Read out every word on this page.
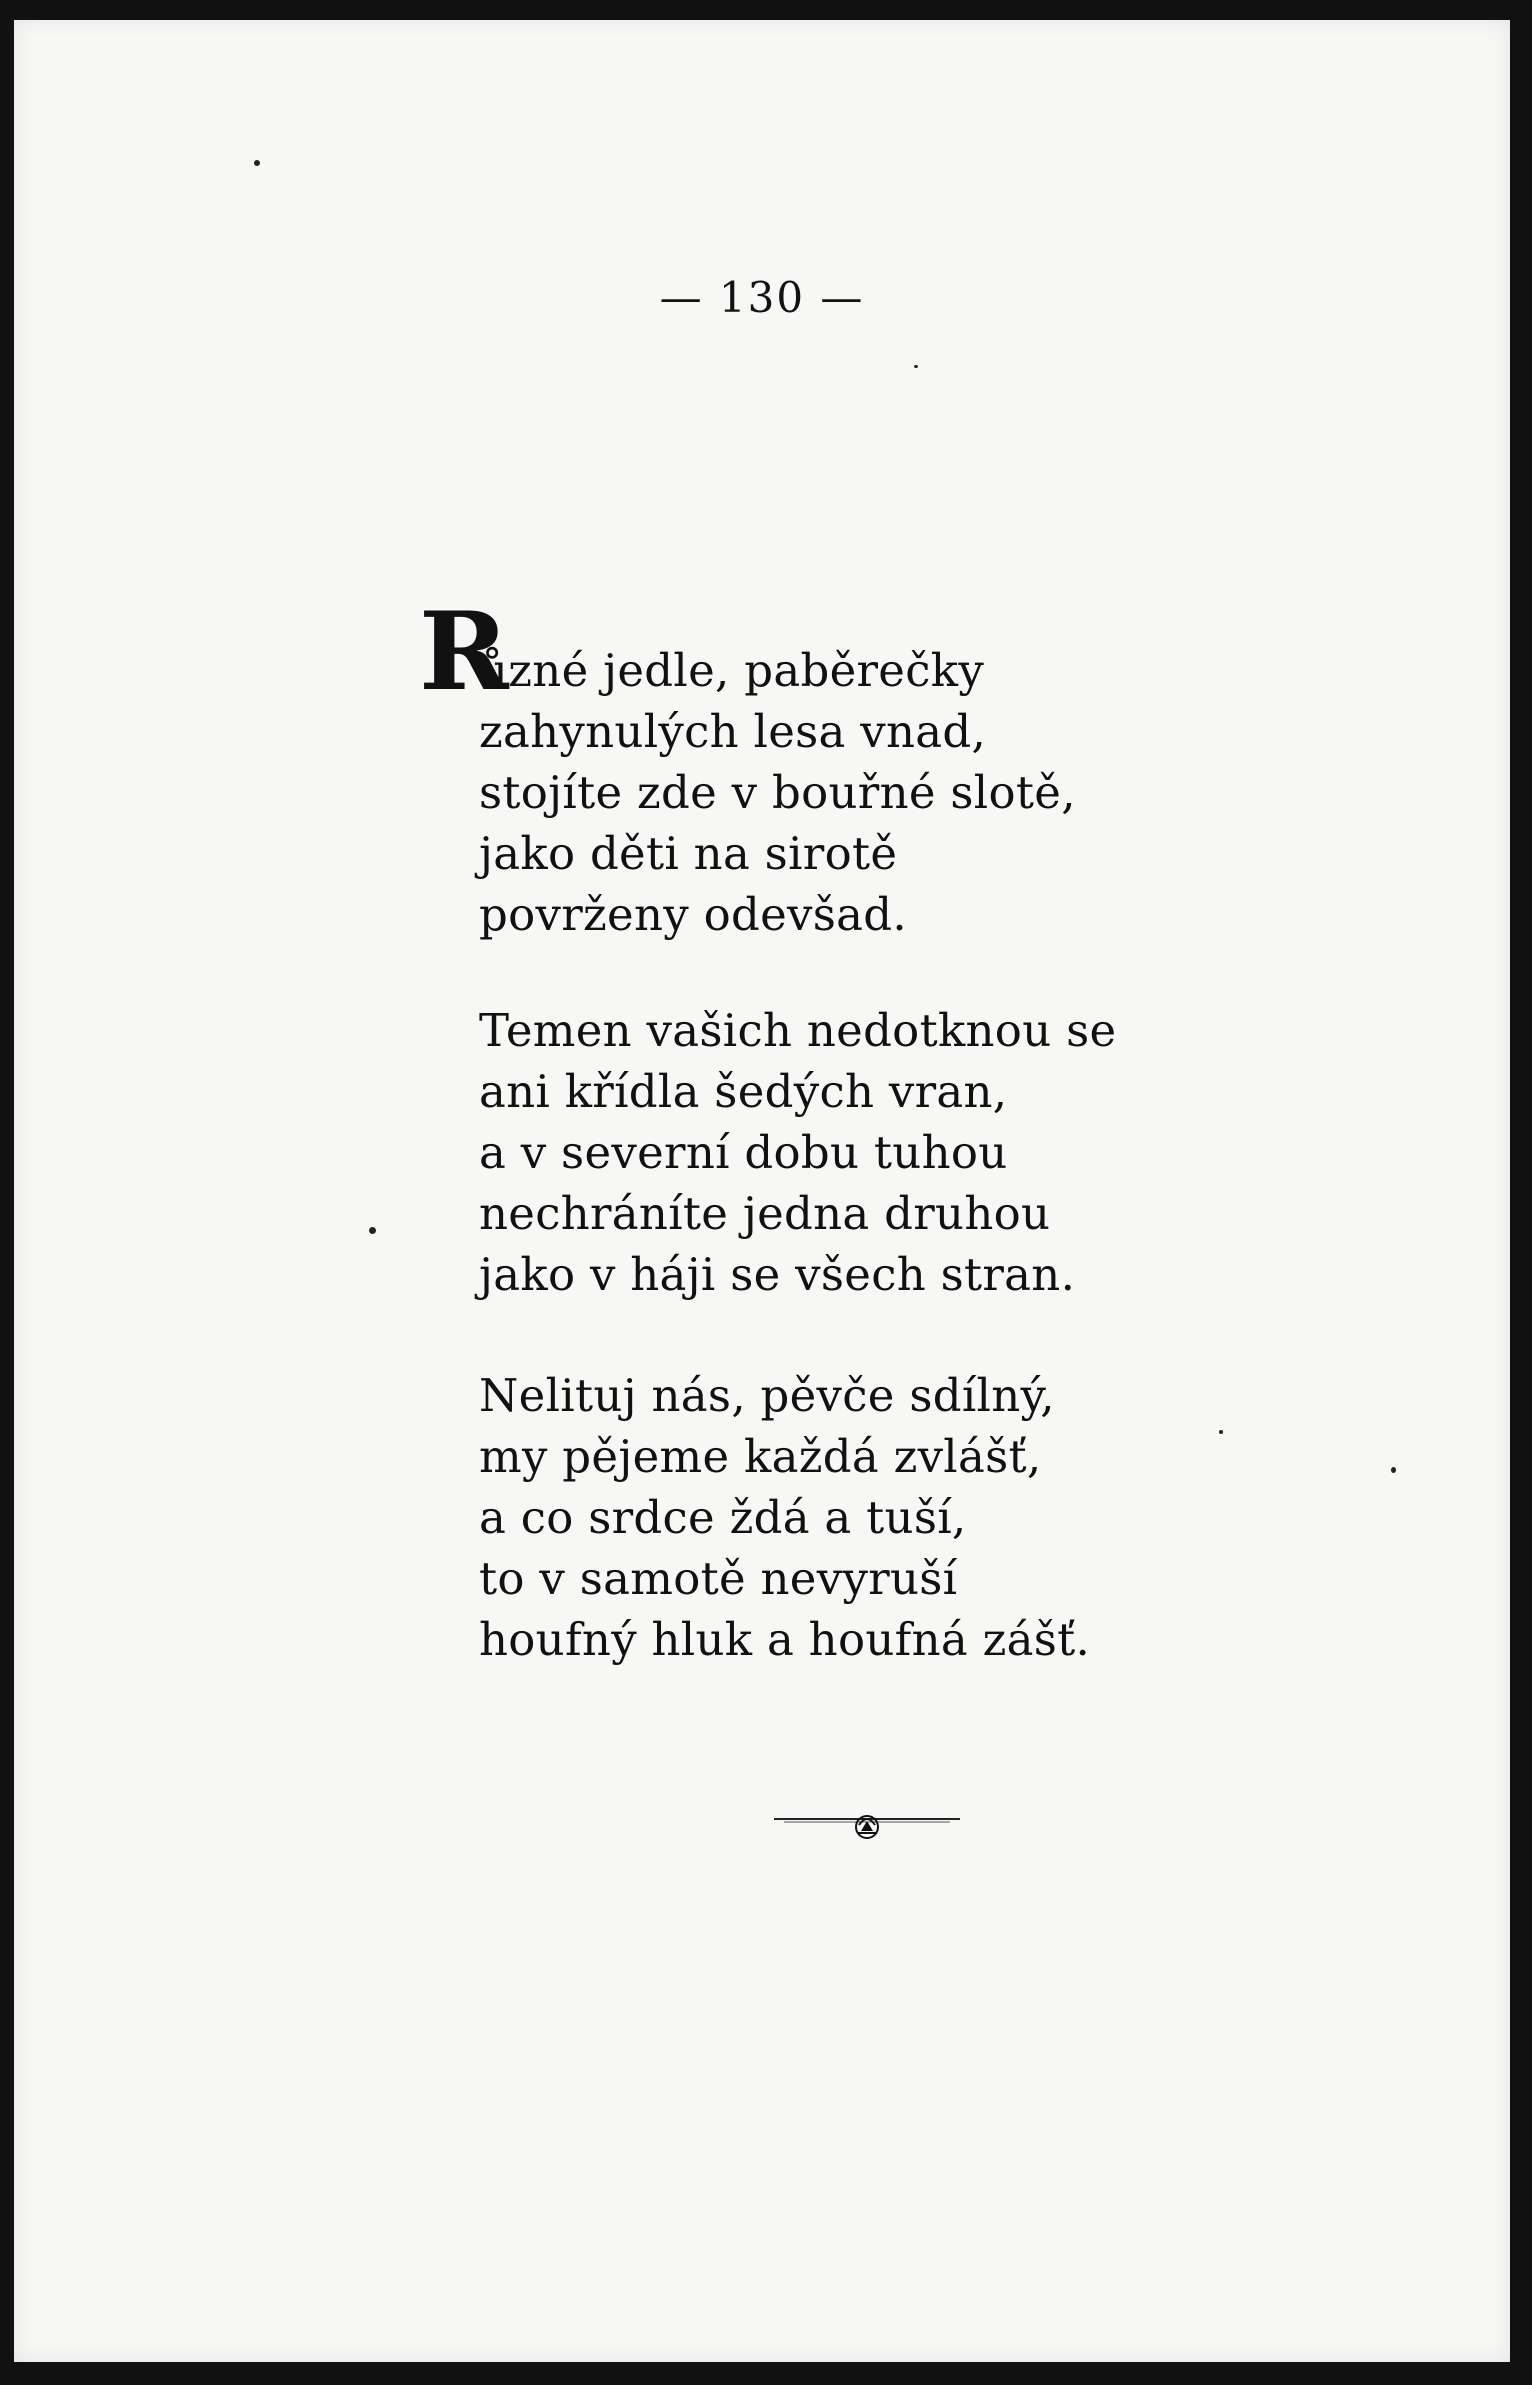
— 130 —
R
ůzné jedle, paběrečky
zahynulých lesa vnad,
stojíte zde v bouřné slotě,
jako děti na sirotě
povrženy odevšad.
Temen vašich nedotknou se
ani křídla šedých vran,
a v severní dobu tuhou
nechráníte jedna druhou
jako v háji se všech stran.
Nelituj nás, pěvče sdílný,
my pějeme každá zvlášť,
a co srdce ždá a tuší,
to v samotě nevyruší
houfný hluk a houfná zášť.
